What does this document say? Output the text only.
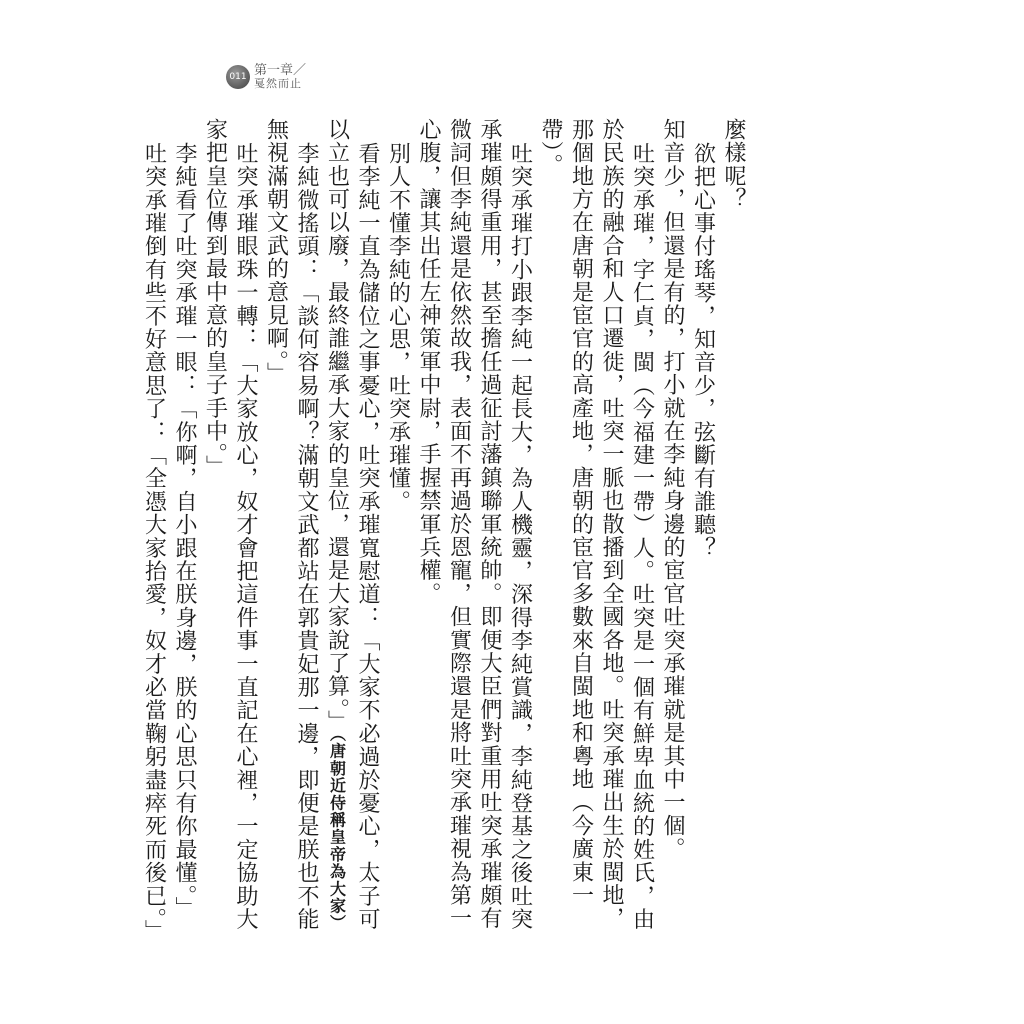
011 第一章／
戛然而止

麼樣呢？

欲把心事付瑤琴，知音少，弦斷有誰聽？

知音少，但還是有的，打小就在李純身邊的宦官吐突承璀就是其中一個。

吐突承璀，字仁貞，閩（今福建一帶）人。吐突是一個有鮮卑血統的姓氏，由於民族的融合和人口遷徙，吐突一脈也散播到全國各地。吐突承璀出生於閩地，那個地方在唐朝是宦官的高產地，唐朝的宦官多數來自閩地和粵地（今廣東一帶）。

吐突承璀打小跟李純一起長大，為人機靈，深得李純賞識，李純登基之後吐突承璀頗得重用，甚至擔任過征討藩鎮聯軍統帥。即便大臣們對重用吐突承璀頗有微詞但李純還是依然故我，表面不再過於恩寵，但實際還是將吐突承璀視為第一心腹，讓其出任左神策軍中尉，手握禁軍兵權。

別人不懂李純的心思，吐突承璀懂。

看李純一直為儲位之事憂心，吐突承璀寬慰道：「大家不必過於憂心，太子可以立也可以廢，最終誰繼承大家的皇位，還是大家說了算。」（唐朝近侍稱皇帝為大家）

李純微搖頭：「談何容易啊？滿朝文武都站在郭貴妃那一邊，即便是朕也不能無視滿朝文武的意見啊。」

吐突承璀眼珠一轉：「大家放心，奴才會把這件事一直記在心裡，一定協助大家把皇位傳到最中意的皇子手中。」

李純看了吐突承璀一眼：「你啊，自小跟在朕身邊，朕的心思只有你最懂。」

吐突承璀倒有些不好意思了：「全憑大家抬愛，奴才必當鞠躬盡瘁死而後已。」
